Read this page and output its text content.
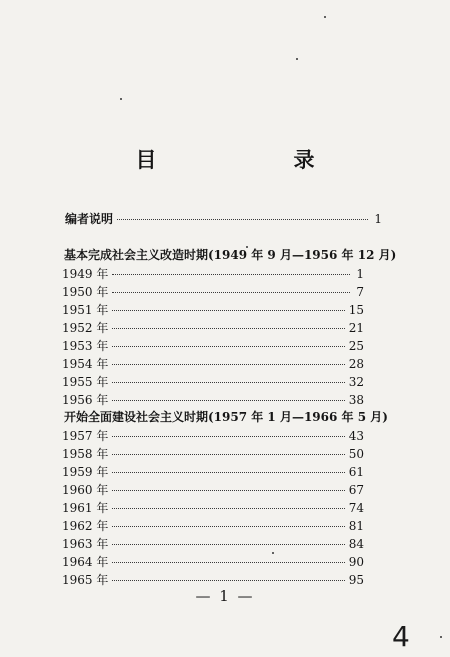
目　录
编者说明	1
基本完成社会主义改造时期(1949 年 9 月—1956 年 12 月)
1949 年	1
1950 年	7
1951 年	15
1952 年	21
1953 年	25
1954 年	28
1955 年	32
1956 年	38
开始全面建设社会主义时期(1957 年 1 月—1966 年 5 月)
1957 年	43
1958 年	50
1959 年	61
1960 年	67
1961 年	74
1962 年	81
1963 年	84
1964 年	90
1965 年	95
— 1 —
4
